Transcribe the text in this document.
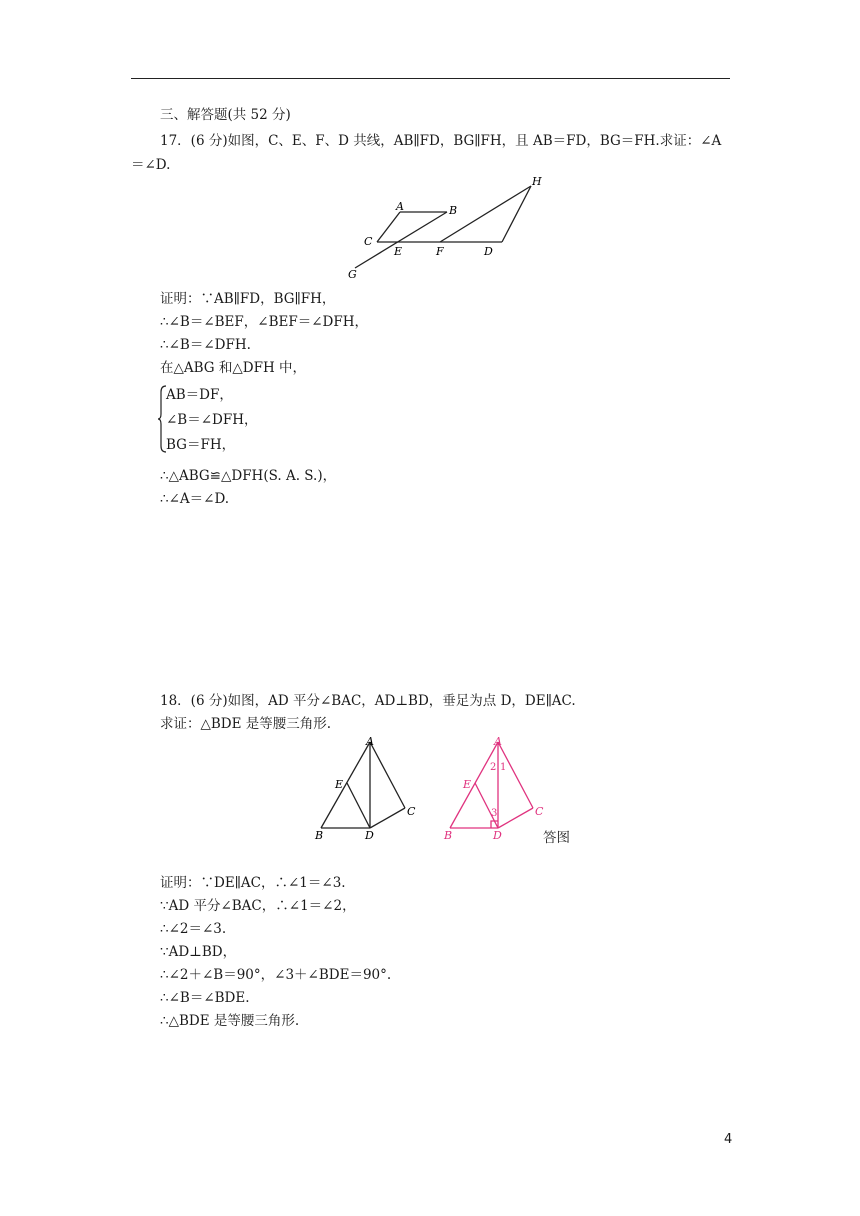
三、解答题(共 52 分)
17．(6 分)如图，C、E、F、D 共线，AB∥FD，BG∥FH，且 AB＝FD，BG＝FH.求证：∠A
＝∠D.
A	B
C
E	F	D
G
H
证明：∵AB∥FD，BG∥FH，
∴∠B＝∠BEF，∠BEF＝∠DFH，
∴∠B＝∠DFH.
在△ABG 和△DFH 中，
AB＝DF，
∠B＝∠DFH，
BG＝FH，
∴△ABG≌△DFH(S. A. S.)，
∴∠A＝∠D.
18．(6 分)如图，AD 平分∠BAC，AD⊥BD，垂足为点 D，DE∥AC.
求证：△BDE 是等腰三角形.
A
E
C
B	D
A
E
C
B	D
1
2
3
答图
证明：∵DE∥AC，∴∠1＝∠3.
∵AD 平分∠BAC，∴∠1＝∠2，
∴∠2＝∠3.
∵AD⊥BD，
∴∠2＋∠B＝90°，∠3＋∠BDE＝90°.
∴∠B＝∠BDE.
∴△BDE 是等腰三角形.
4
